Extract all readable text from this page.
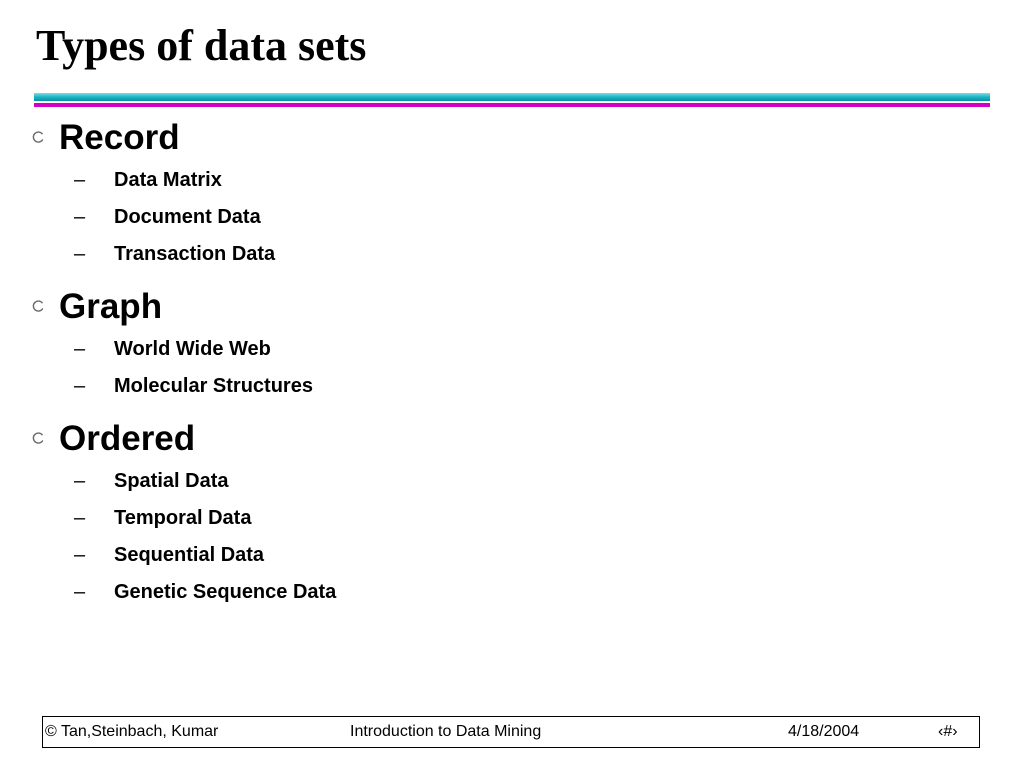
Types of data sets
Record
–	Data Matrix
–	Document Data
–	Transaction Data
Graph
–	World Wide Web
–	Molecular Structures
Ordered
–	Spatial Data
–	Temporal Data
–	Sequential Data
–	Genetic Sequence Data
© Tan,Steinbach, Kumar	Introduction to Data Mining	4/18/2004	‹#›
